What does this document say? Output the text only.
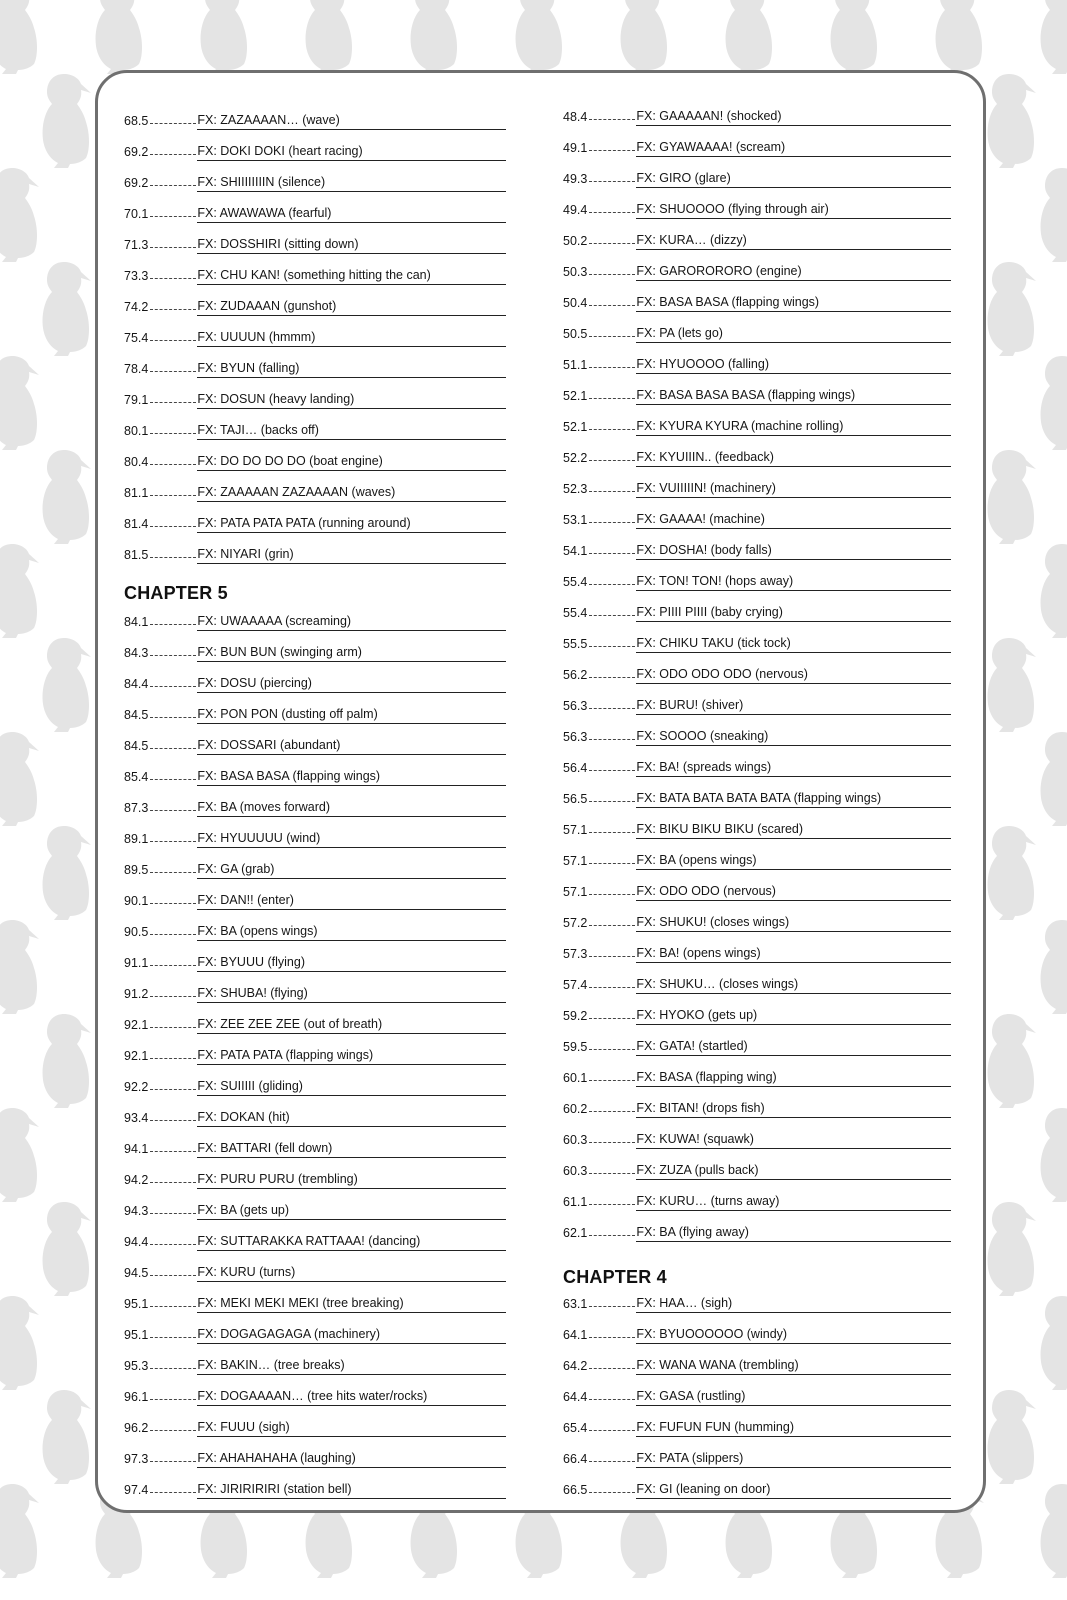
68.5	FX: ZAZAAAAN… (wave)
69.2	FX: DOKI DOKI (heart racing)
69.2	FX: SHIIIIIIIIN (silence)
70.1	FX: AWAWAWA (fearful)
71.3	FX: DOSSHIRI (sitting down)
73.3	FX: CHU KAN! (something hitting the can)
74.2	FX: ZUDAAAN (gunshot)
75.4	FX: UUUUN (hmmm)
78.4	FX: BYUN (falling)
79.1	FX: DOSUN (heavy landing)
80.1	FX: TAJI… (backs off)
80.4	FX: DO DO DO DO (boat engine)
81.1	FX: ZAAAAAN ZAZAAAAN (waves)
81.4	FX: PATA PATA PATA (running around)
81.5	FX: NIYARI (grin)
CHAPTER 5
84.1	FX: UWAAAAA (screaming)
84.3	FX: BUN BUN (swinging arm)
84.4	FX: DOSU (piercing)
84.5	FX: PON PON (dusting off palm)
84.5	FX: DOSSARI (abundant)
85.4	FX: BASA BASA (flapping wings)
87.3	FX: BA (moves forward)
89.1	FX: HYUUUUU (wind)
89.5	FX: GA (grab)
90.1	FX: DAN!! (enter)
90.5	FX: BA (opens wings)
91.1	FX: BYUUU (flying)
91.2	FX: SHUBA! (flying)
92.1	FX: ZEE ZEE ZEE (out of breath)
92.1	FX: PATA PATA (flapping wings)
92.2	FX: SUIIIII (gliding)
93.4	FX: DOKAN (hit)
94.1	FX: BATTARI (fell down)
94.2	FX: PURU PURU (trembling)
94.3	FX: BA (gets up)
94.4	FX: SUTTARAKKA RATTAAA! (dancing)
94.5	FX: KURU (turns)
95.1	FX: MEKI MEKI MEKI (tree breaking)
95.1	FX: DOGAGAGAGA (machinery)
95.3	FX: BAKIN… (tree breaks)
96.1	FX: DOGAAAAN… (tree hits water/rocks)
96.2	FX: FUUU (sigh)
97.3	FX: AHAHAHAHA (laughing)
97.4	FX: JIRIRIRIRI (station bell)
48.4	FX: GAAAAAN! (shocked)
49.1	FX: GYAWAAAA! (scream)
49.3	FX: GIRO (glare)
49.4	FX: SHUOOOO (flying through air)
50.2	FX: KURA… (dizzy)
50.3	FX: GARORORORO (engine)
50.4	FX: BASA BASA (flapping wings)
50.5	FX: PA (lets go)
51.1	FX: HYUOOOO (falling)
52.1	FX: BASA BASA BASA (flapping wings)
52.1	FX: KYURA KYURA (machine rolling)
52.2	FX: KYUIIIN.. (feedback)
52.3	FX: VUIIIIIN! (machinery)
53.1	FX: GAAAA! (machine)
54.1	FX: DOSHA! (body falls)
55.4	FX: TON! TON! (hops away)
55.4	FX: PIIII PIIII (baby crying)
55.5	FX: CHIKU TAKU (tick tock)
56.2	FX: ODO ODO ODO (nervous)
56.3	FX: BURU! (shiver)
56.3	FX: SOOOO (sneaking)
56.4	FX: BA! (spreads wings)
56.5	FX: BATA BATA BATA BATA (flapping wings)
57.1	FX: BIKU BIKU BIKU (scared)
57.1	FX: BA (opens wings)
57.1	FX: ODO ODO (nervous)
57.2	FX: SHUKU! (closes wings)
57.3	FX: BA! (opens wings)
57.4	FX: SHUKU… (closes wings)
59.2	FX: HYOKO (gets up)
59.5	FX: GATA! (startled)
60.1	FX: BASA (flapping wing)
60.2	FX: BITAN! (drops fish)
60.3	FX: KUWA! (squawk)
60.3	FX: ZUZA (pulls back)
61.1	FX: KURU… (turns away)
62.1	FX: BA (flying away)
CHAPTER 4
63.1	FX: HAA… (sigh)
64.1	FX: BYUOOOOOO (windy)
64.2	FX: WANA WANA (trembling)
64.4	FX: GASA (rustling)
65.4	FX: FUFUN FUN (humming)
66.4	FX: PATA (slippers)
66.5	FX: GI (leaning on door)
